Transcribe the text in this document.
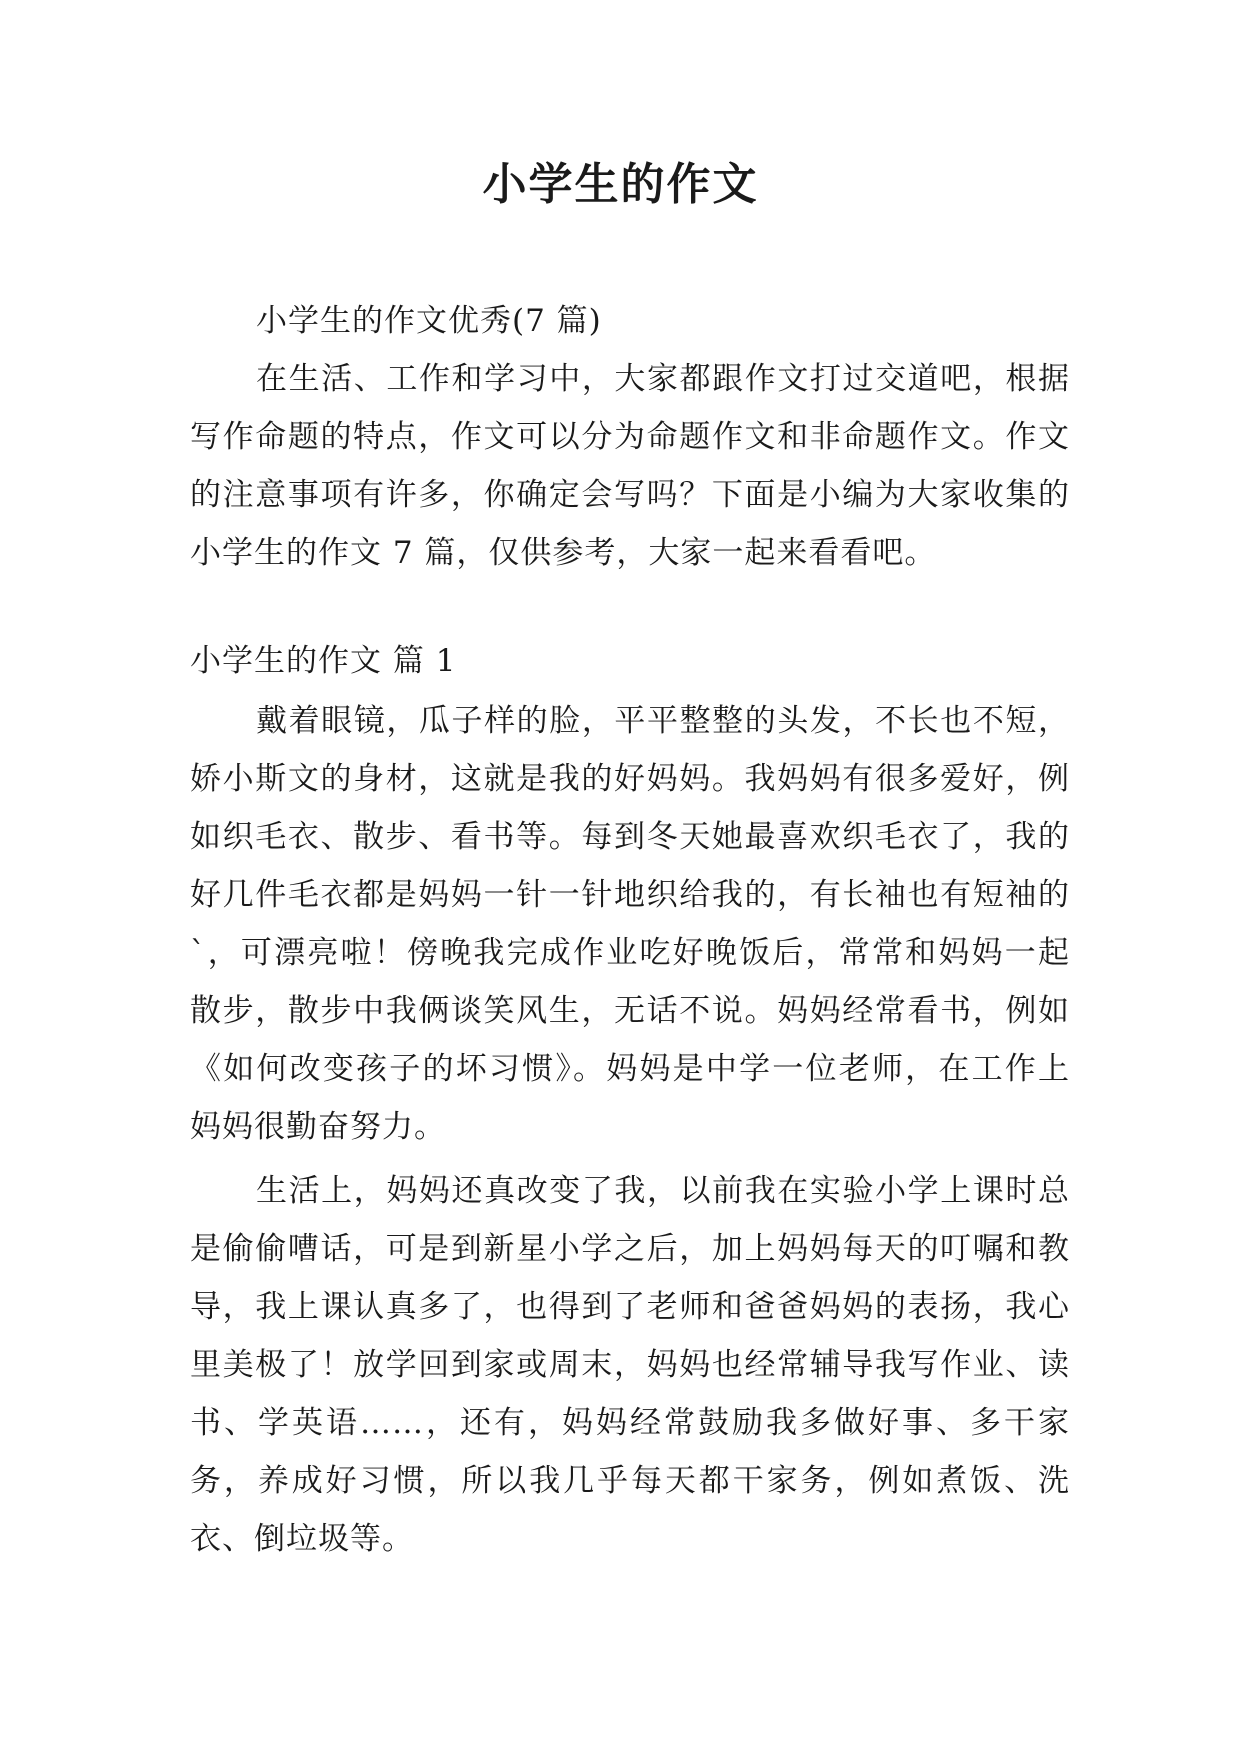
小学生的作文

小学生的作文优秀(7 篇)

在生活、工作和学习中，大家都跟作文打过交道吧，根据写作命题的特点，作文可以分为命题作文和非命题作文。作文的注意事项有许多，你确定会写吗？下面是小编为大家收集的小学生的作文 7 篇，仅供参考，大家一起来看看吧。

小学生的作文 篇 1

戴着眼镜，瓜子样的脸，平平整整的头发，不长也不短，娇小斯文的身材，这就是我的好妈妈。我妈妈有很多爱好，例如织毛衣、散步、看书等。每到冬天她最喜欢织毛衣了，我的好几件毛衣都是妈妈一针一针地织给我的，有长袖也有短袖的`，可漂亮啦！傍晚我完成作业吃好晚饭后，常常和妈妈一起散步，散步中我俩谈笑风生，无话不说。妈妈经常看书，例如《如何改变孩子的坏习惯》。妈妈是中学一位老师，在工作上妈妈很勤奋努力。

生活上，妈妈还真改变了我，以前我在实验小学上课时总是偷偷嘈话，可是到新星小学之后，加上妈妈每天的叮嘱和教导，我上课认真多了，也得到了老师和爸爸妈妈的表扬，我心里美极了！放学回到家或周末，妈妈也经常辅导我写作业、读书、学英语……，还有，妈妈经常鼓励我多做好事、多干家务，养成好习惯，所以我几乎每天都干家务，例如煮饭、洗衣、倒垃圾等。
